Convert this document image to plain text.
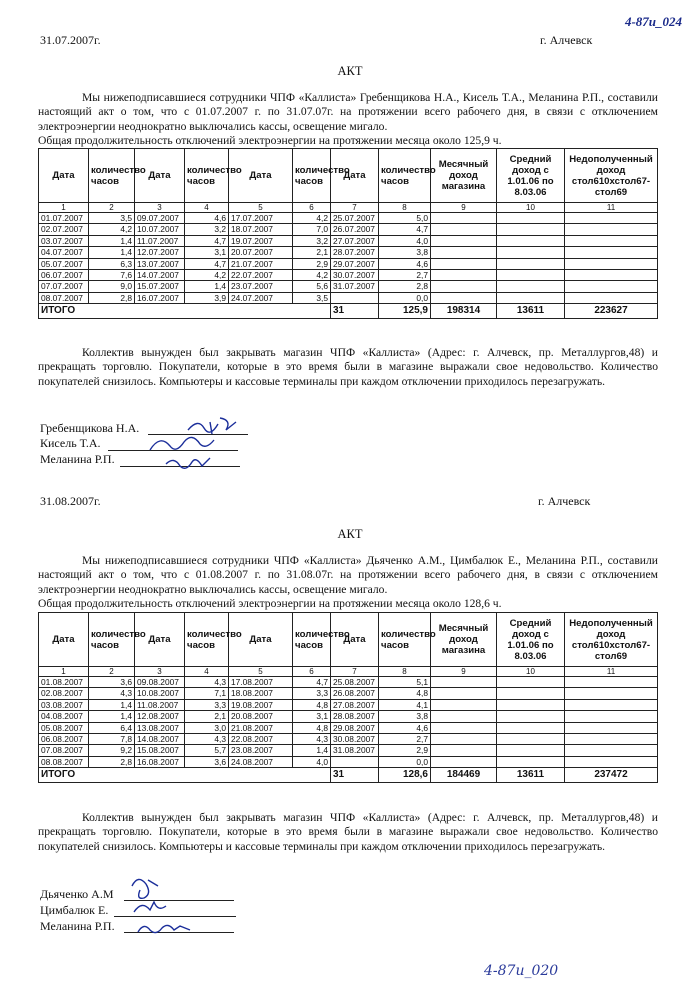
4-87u_024
31.07.2007г.	г. Алчевск
АКТ
Мы нижеподписавшиеся сотрудники ЧПФ «Каллиста» Гребенщикова Н.А., Кисель Т.А., Меланина Р.П., составили настоящий акт о том, что с 01.07.2007 г. по 31.07.07г. на протяжении всего рабочего дня, в связи с отключением электроэнергии неоднократно выключались кассы, освещение мигало.
Общая продолжительность отключений электроэнергии на протяжении месяца около 125,9 ч.
Дата	количество часов	Дата	количество часов	Дата	количество часов	Дата	количество часов	Месячный доход магазина	Средний доход с 1.01.06 по 8.03.06	Недополученный доход стол610хстол67-стол69
1	2	3	4	5	6	7	8	9	10	11
01.07.2007	3,5	09.07.2007	4,6	17.07.2007	4,2	25.07.2007	5,0			
02.07.2007	4,2	10.07.2007	3,2	18.07.2007	7,0	26.07.2007	4,7			
03.07.2007	1,4	11.07.2007	4,7	19.07.2007	3,2	27.07.2007	4,0			
04.07.2007	1,4	12.07.2007	3,1	20.07.2007	2,1	28.07.2007	3,8			
05.07.2007	6,3	13.07.2007	4,7	21.07.2007	2,9	29.07.2007	4,6			
06.07.2007	7,6	14.07.2007	4,2	22.07.2007	4,2	30.07.2007	2,7			
07.07.2007	9,0	15.07.2007	1,4	23.07.2007	5,6	31.07.2007	2,8			
08.07.2007	2,8	16.07.2007	3,9	24.07.2007	3,5		0,0			
ИТОГО						31	125,9	198314	13611	223627
Коллектив вынужден был закрывать магазин ЧПФ «Каллиста» (Адрес: г. Алчевск, пр. Металлургов,48) и прекращать торговлю. Покупатели, которые в это время были в магазине выражали свое недовольство. Количество покупателей снизилось. Компьютеры и кассовые терминалы при каждом отключении приходилось перезагружать.
Гребенщикова Н.А.
Кисель Т.А.
Меланина Р.П.
31.08.2007г.	г. Алчевск
АКТ
Мы нижеподписавшиеся сотрудники ЧПФ «Каллиста» Дьяченко А.М., Цимбалюк Е., Меланина Р.П., составили настоящий акт о том, что с 01.08.2007 г. по 31.08.07г. на протяжении всего рабочего дня, в связи с отключением электроэнергии неоднократно выключались кассы, освещение мигало.
Общая продолжительность отключений электроэнергии на протяжении месяца около 128,6 ч.
Дата	количество часов	Дата	количество часов	Дата	количество часов	Дата	количество часов	Месячный доход магазина	Средний доход с 1.01.06 по 8.03.06	Недополученный доход стол610хстол67-стол69
1	2	3	4	5	6	7	8	9	10	11
01.08.2007	3,6	09.08.2007	4,3	17.08.2007	4,7	25.08.2007	5,1			
02.08.2007	4,3	10.08.2007	7,1	18.08.2007	3,3	26.08.2007	4,8			
03.08.2007	1,4	11.08.2007	3,3	19.08.2007	4,8	27.08.2007	4,1			
04.08.2007	1,4	12.08.2007	2,1	20.08.2007	3,1	28.08.2007	3,8			
05.08.2007	6,4	13.08.2007	3,0	21.08.2007	4,8	29.08.2007	4,6			
06.08.2007	7,8	14.08.2007	4,3	22.08.2007	4,3	30.08.2007	2,7			
07.08.2007	9,2	15.08.2007	5,7	23.08.2007	1,4	31.08.2007	2,9			
08.08.2007	2,8	16.08.2007	3,6	24.08.2007	4,0		0,0			
ИТОГО						31	128,6	184469	13611	237472
Коллектив вынужден был закрывать магазин ЧПФ «Каллиста» (Адрес: г. Алчевск, пр. Металлургов,48) и прекращать торговлю. Покупатели, которые в это время были в магазине выражали свое недовольство. Количество покупателей снизилось. Компьютеры и кассовые терминалы при каждом отключении приходилось перезагружать.
Дьяченко А.М
Цимбалюк Е.
Меланина Р.П.
4-87u_020
